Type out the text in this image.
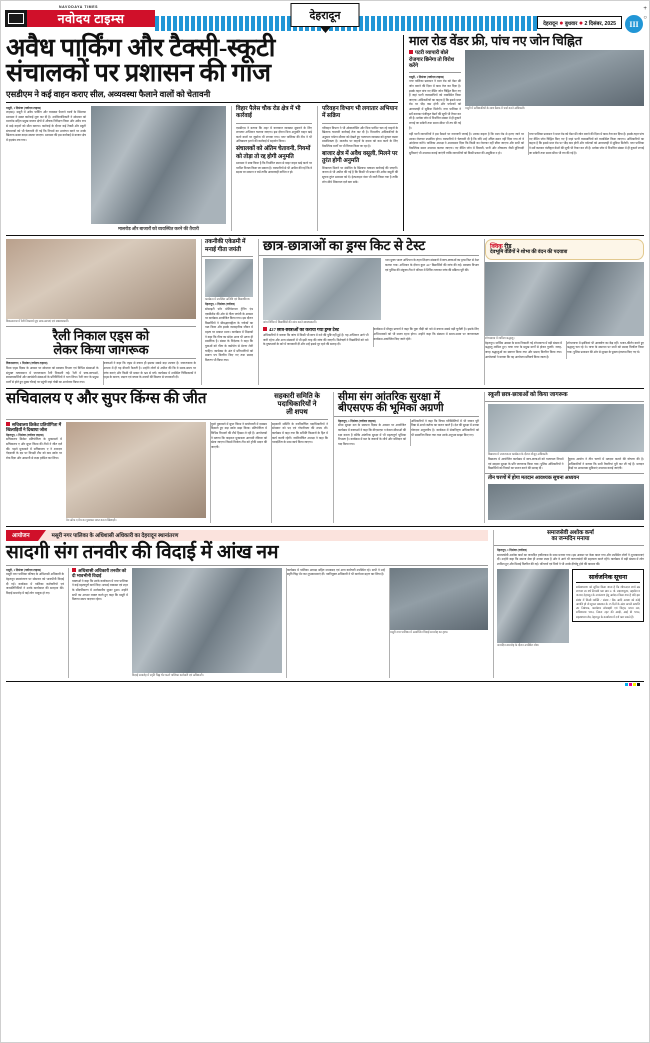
NAVODAYA TIMES
नवोदय टाइम्स	देहरादून
देहरादून ● बुधवार ● 2 दिसंबर, 2025	III
+
○
अवैध पार्किंग और टैक्सी-स्कूटी
संचालकों पर प्रशासन की गाज
एसडीएम ने कई वाहन कराए सील, अव्यवस्था फैलाने वालों को चेतावनी
मसूरी, 1 दिसंबर (नवोदय टाइम्स)
टाइम्स)। मसूरी में अवैध पार्किंग और व्यवस्था फैलाने वालों के खिलाफ प्रशासन ने सख्त कार्रवाई शुरू कर दी है। उपजिलाधिकारी ने सोमवार को मालरोड सहित प्रमुख बाजार क्षेत्रों में औचक निरीक्षण किया और अवैध रूप से खड़े वाहनों को सील कराया। कार्रवाई के दौरान कई टैक्सी और स्कूटी संचालकों को भी चेतावनी दी गई कि नियमों का उल्लंघन करने पर उनके खिलाफ सख्त कदम उठाया जाएगा। प्रशासन की इस कार्रवाई से बाजार क्षेत्र में हड़कंप मच गया।
मालरोड और बाजारों को व्यवस्थित करने की तैयारी
विहार पैलेस चौक रोड क्षेत्र में भी कार्रवाई
एसडीएम ने बताया कि शहर में यातायात व्यवस्था सुधारने के लिए लगातार अभियान चलाया जाएगा। इस दौरान बिना अनुमति वाहन खड़े करने वालों पर जुर्माना भी लगाया गया। नगर पालिका की टीम ने भी अतिक्रमण हटाने की कार्रवाई में सहयोग किया।
संचालकों को अंतिम चेतावनी, नियमों को तोड़ा तो रद्द होगी अनुमति
प्रशासन ने स्पष्ट किया है कि निर्धारित स्थान से बाहर वाहन खड़े करने पर परमिट निरस्त किया जा सकता है। व्यापारियों से भी अपील की गई कि वे सड़क पर सामान न रखें ताकि आवाजाही बाधित न हो।
परिवहन विभाग भी लगातार अभियान में सक्रिय
परिवहन विभाग ने भी ओवरलोडिंग और बिना परमिट चल रहे वाहनों के खिलाफ चालानी कार्रवाई तेज कर दी है। विभागीय अधिकारियों के अनुसार पर्यटन सीजन को देखते हुए यातायात व्यवस्था को दुरुस्त रखना प्राथमिकता है। मालरोड पर वाहनों के दबाव को कम करने के लिए वैकल्पिक मार्गों पर भी विचार किया जा रहा है।
बाजार क्षेत्र में अवैध वसूली, मिलने पर तुरंत होगी अनुमति
शिकायत मिलने पर संबंधित के खिलाफ तत्काल कार्रवाई की जाएगी। जनता से भी अपील की गई है कि किसी भी प्रकार की अवैध वसूली की सूचना तुरंत प्रशासन को दें। हेल्पलाइन नंबर भी जारी किया गया है ताकि लोग सीधे शिकायत दर्ज करा सकें।
माल रोड वेंडर फ्री, पांच नए जोन चिह्नित
पटरी व्यापारी बोले रोजगार छिनेगा तो विरोध करेंगे
मसूरी, 1 दिसंबर (नवोदय टाइम्स)
नगर पालिका प्रशासन ने माल रोड को वेंडर फ्री जोन बनाने की दिशा में काम तेज कर दिया है। इसके तहत पांच नए वेंडिंग जोन चिह्नित किए गए हैं जहां पटरी व्यवसायियों को व्यवस्थित किया जाएगा। अधिकारियों का कहना है कि इससे माल रोड पर भीड़ कम होगी और पर्यटकों को आवाजाही में सुविधा मिलेगी। नगर पालिका ने सर्वे कराकर पंजीकृत वेंडरों की सूची भी तैयार कर ली है। प्रत्येक जोन में निर्धारित संख्या में ही दुकानें लगाई जा सकेंगी तथा समय सीमा भी तय की गई है।
मसूरी में अधिकारियों के साथ बैठक में चर्चा करते अधिकारी।
वहीं पटरी व्यापारियों ने इस फैसले पर नाराजगी जताई है। उनका कहना है कि माल रोड से हटाए जाने पर उनका रोजगार प्रभावित होगा। व्यापारियों ने चेतावनी दी है कि यदि उन्हें उचित स्थान नहीं दिया गया तो वे आंदोलन करेंगे। पालिका अध्यक्ष ने आश्वासन दिया कि किसी का रोजगार नहीं छीना जाएगा और सभी को वैकल्पिक स्थान उपलब्ध कराया जाएगा। नए वेंडिंग जोन में बिजली, पानी और शौचालय जैसी बुनियादी सुविधाएं भी उपलब्ध कराई जाएंगी ताकि व्यापारियों को किसी प्रकार की असुविधा न हो।
नगर पालिका प्रशासन ने माल रोड को वेंडर फ्री जोन बनाने की दिशा में काम तेज कर दिया है। इसके तहत पांच नए वेंडिंग जोन चिह्नित किए गए हैं जहां पटरी व्यवसायियों को व्यवस्थित किया जाएगा। अधिकारियों का कहना है कि इससे माल रोड पर भीड़ कम होगी और पर्यटकों को आवाजाही में सुविधा मिलेगी। नगर पालिका ने सर्वे कराकर पंजीकृत वेंडरों की सूची भी तैयार कर ली है। प्रत्येक जोन में निर्धारित संख्या में ही दुकानें लगाई जा सकेंगी तथा समय सीमा भी तय की गई है।
विकासनगर में रैली निकालते हुए छात्र-छात्राएं एवं स्वास्थ्यकर्मी।
रैली निकाल एड्स को
लेकर किया जागरूक
विकासनगर, 1 दिसंबर (नवोदय टाइम्स)
विश्व एड्स दिवस के अवसर पर सोमवार को स्वास्थ्य विभाग एवं विभिन्न संस्थाओं के संयुक्त तत्वावधान में जागरूकता रैली निकाली गई। रैली में छात्र-छात्राओं, स्वास्थ्यकर्मियों और स्वयंसेवी संस्थाओं के प्रतिनिधियों ने भाग लिया। रैली नगर के प्रमुख मार्गों से होते हुए मुख्य चौराहे पर पहुंची जहां गोष्ठी का आयोजन किया गया।
वक्ताओं ने कहा कि एड्स से बचाव ही इसका सबसे बड़ा उपचार है। जागरूकता के अभाव में ही यह बीमारी फैलती है। उन्होंने लोगों से अपील की कि वे समय-समय पर जांच कराएं और किसी भी प्रकार के भ्रम से बचें। कार्यक्रम में उपस्थित चिकित्सकों ने एड्स के कारण, लक्षण एवं बचाव के उपायों की विस्तार से जानकारी दी।
तकनीकी एकेडमी में मनाई गीता जयंती
कार्यक्रम में उपस्थित अतिथि एवं विद्यार्थीगण।
देहरादून, 1 दिसंबर (नवोदय)
सोसाइटी फॉर मोटिवेशनल ट्रेनिंग एंड एक्सीलेंस की ओर से गीता जयंती के अवसर पर कार्यक्रम आयोजित किया गया। इस दौरान विद्यार्थियों ने श्रीमद्भगवद्गीता के श्लोकों का पाठ किया और इसके व्यावहारिक जीवन में महत्व पर प्रकाश डाला। कार्यक्रम में शिक्षकों ने कहा कि गीता का संदेश आज भी उतना ही प्रासंगिक है। संस्था के निदेशक ने कहा कि युवाओं को गीता के कर्मयोग से प्रेरणा लेनी चाहिए। कार्यक्रम के अंत में प्रतिभागियों को प्रमाण पत्र वितरित किए गए तथा प्रसाद वितरण भी किया गया।
छात्र-छात्राओं का ड्रग्स किट से टेस्ट
जांच शिविर में विद्यार्थियों की जांच करते स्वास्थ्यकर्मी।
नशा मुक्त भारत अभियान के तहत शिक्षण संस्थानों में छात्र-छात्राओं का ड्रग्स किट से टेस्ट कराया गया। अभियान के दौरान कुल 427 विद्यार्थियों की जांच की गई। स्वास्थ्य विभाग एवं पुलिस की संयुक्त टीम ने परिसर में शिविर लगाकर जांच की प्रक्रिया पूरी की।
427 छात्र-छात्राओं का कराया गया ड्रग्स टेस्ट
अधिकारियों ने बताया कि जांच में किसी भी छात्र में नशे की पुष्टि नहीं हुई है। यह अभियान आगे भी जारी रहेगा और अन्य संस्थानों में भी इसी तरह की जांच की जाएगी। विशेषज्ञों ने विद्यार्थियों को नशे के दुष्प्रभावों के बारे में जानकारी दी और उन्हें इससे दूर रहने की सलाह दी।
कार्यक्रम में मौजूद प्राचार्य ने कहा कि युवा पीढ़ी को नशे से बचाना सबसे बड़ी चुनौती है। इसके लिए अभिभावकों को भी सजग रहना होगा। उन्होंने कहा कि संस्थान में समय-समय पर जागरूकता कार्यक्रम आयोजित किए जाते रहेंगे।
क्विक रीड
देवभूमि वेंडिंगों ने शोभा की वंदन की पदयात्रा
शोभायात्रा में शामिल श्रद्धालु।
देहरादून। धार्मिक आस्था के साथ निकाली गई शोभायात्रा में बड़ी संख्या में श्रद्धालु शामिल हुए। यात्रा नगर के प्रमुख मार्गों से होकर गुजरी। जगह-जगह श्रद्धालुओं का स्वागत किया गया और प्रसाद वितरित किया गया। आयोजकों ने बताया कि यह आयोजन प्रतिवर्ष किया जाता है।
शोभायात्रा में झांकियां भी आकर्षण का केंद्र रहीं। भजन-कीर्तन करते हुए श्रद्धालु चल रहे थे। यात्रा के समापन पर सभी को प्रसाद वितरित किया गया। पुलिस प्रशासन की ओर से सुरक्षा के पुख्ता इंतजाम किए गए थे।
सचिवालय ए और सुपर किंग्स की जीत	सहकारी समिति के
पदाधिकारियों ने
ली शपथ
सचिवालय क्रिकेट प्रतियोगिता में खिलाड़ियों ने दिखाया जोश
देहरादून, 1 दिसंबर (नवोदय टाइम्स)
सचिवालय क्रिकेट प्रतियोगिता के मुकाबलों में सचिवालय ए और सुपर किंग्स की टीमों ने जीत दर्ज की। पहले मुकाबले में सचिवालय ए ने शानदार गेंदबाजी के दम पर विपक्षी टीम को कम स्कोर पर रोक दिया और आसानी से लक्ष्य हासिल कर लिया।
मैन ऑफ द मैच का पुरस्कार प्राप्त करता खिलाड़ी।
दूसरे मुकाबले में सुपर किंग्स ने बल्लेबाजी में दमखम दिखाते हुए बड़ा स्कोर खड़ा किया। प्रतियोगिता में विभिन्न विभागों की टीमें हिस्सा ले रही हैं। आयोजकों ने बताया कि फाइनल मुकाबला आगामी रविवार को खेला जाएगा जिसमें विजेता टीम को ट्रॉफी प्रदान की जाएगी।
सहकारी समिति के नवनिर्वाचित पदाधिकारियों ने सोमवार को पद एवं गोपनीयता की शपथ ली। कार्यक्रम में कहा गया कि समिति किसानों के हित में कार्य करती रहेगी। नवनिर्वाचित अध्यक्ष ने कहा कि पारदर्शिता के साथ कार्य किया जाएगा।
सीमा संग आंतरिक सुरक्षा में
बीएसएफ की भूमिका अग्रणी
देहरादून, 1 दिसंबर (नवोदय टाइम्स)
सीमा सुरक्षा बल के स्थापना दिवस के अवसर पर आयोजित कार्यक्रम में वक्ताओं ने कहा कि बीएसएफ न केवल सीमाओं की रक्षा करता है बल्कि आंतरिक सुरक्षा में भी महत्वपूर्ण भूमिका निभाता है। कार्यक्रम में बल के जवानों के शौर्य और बलिदान को याद किया गया।
अधिकारियों ने कहा कि विषम परिस्थितियों में भी जवान पूरी निष्ठा से अपने कर्तव्य का पालन करते हैं। देश की सुरक्षा में उनका योगदान अतुलनीय है। कार्यक्रम में सेवानिवृत्त अधिकारियों को भी सम्मानित किया गया तथा उनके अनुभव साझा किए गए।
स्कूली छात्र-छात्राओं को किया जागरूक
विद्यालय में जागरूकता कार्यक्रम के दौरान मौजूद अधिकारी।
विद्यालय में आयोजित कार्यक्रम में छात्र-छात्राओं को यातायात नियमों एवं साइबर सुरक्षा के प्रति जागरूक किया गया। पुलिस अधिकारियों ने विद्यार्थियों को नियमों का पालन करने की सलाह दी।
चुनाव आयोग ने तीन चरणों में मतदान कराने की घोषणा की है। अधिकारियों ने बताया कि सभी तैयारियां पूरी कर ली गई हैं। मतदान केंद्रों पर आवश्यक सुविधाएं उपलब्ध कराई जाएंगी।
तीन चरणों में होगा मतदान आवश्यक सूचना अध्ययन
आयोजन	मसूरी नगर पालिका के अधिशासी अधिकारी का देहरादून स्थानांतरण
सादगी संग तनवीर की विदाई में आंख नम
मसूरी, 1 दिसंबर (नवोदय टाइम्स)
मसूरी नगर पालिका परिषद के अधिशासी अधिकारी के देहरादून स्थानांतरण पर सोमवार को भावभीनी विदाई दी गई। कार्यक्रम में पालिका कर्मचारियों एवं जनप्रतिनिधियों ने उनके कार्यकाल की सराहना की। विदाई समारोह में कई लोग भावुक हो गए।
अधिशासी अधिकारी तनवीर को दी भावभीनी विदाई
वक्ताओं ने कहा कि उनके कार्यकाल में नगर पालिका ने कई महत्वपूर्ण कार्य किए। सफाई व्यवस्था एवं शहर के सौंदर्यीकरण में उल्लेखनीय सुधार हुआ। उन्होंने सभी का आभार व्यक्त करते हुए कहा कि मसूरी में बिताया समय यादगार रहेगा।
विदाई समारोह में स्मृति चिह्न भेंट करते पालिका कर्मचारी एवं अधिकारी।
कार्यक्रम में पालिका अध्यक्ष सहित सभाासद एवं अन्य कर्मचारी उपस्थित रहे। सभी ने उन्हें स्मृति चिह्न भेंट कर शुभकामनाएं दीं। नवनियुक्त अधिकारी ने भी कार्यभार ग्रहण कर लिया है।
मसूरी नगर पालिका में आयोजित विदाई समारोह का दृश्य।
समाजसेवी अशोक कर्मा
का जन्मदिन मनाया
देहरादून, 1 दिसंबर (नवोदय)
समाजसेवी अशोक कर्मा का जन्मदिन हर्षोल्लास के साथ मनाया गया। इस अवसर पर केक काटा गया और उपस्थित लोगों ने शुभकामनाएं दीं। उन्होंने कहा कि समाज सेवा ही उनका लक्ष्य है और वे आगे भी जरूरतमंदों की सहायता करते रहेंगे। कार्यक्रम में बड़ी संख्या में लोग शामिल हुए और मिठाई वितरित की गई। परिजनों एवं मित्रों ने भी उनके दीर्घायु होने की कामना की।
जन्मदिन समारोह के दौरान उपस्थित लोग।
सार्वजनिक सूचना
सर्वसाधारण को सूचित किया जाता है कि जीवनदत्त शर्मा उम्र लगभग 45 वर्ष निवासी पता ग्राम न. पो. लक्ष्मणपुरम, तहसील व जनपद देहरादून के नामांतरण हेतु आवेदन किया गया है यदि इस संबंध में किसी व्यक्ति / संस्था / बैंक आदि अथवा को कोई आपत्ति हो तो सूचना प्रकाशन के 15 दिनों के अंदर अपनी आपत्ति उप निबंधक, कार्यालय सोसाइटी एवं चिट्स, प्रथम तल, सचिवालय भवन, निकट नहर की आड़ी, आई डी भवन, सहस्त्रधारा रोड, देहरादून के कार्यालय में दर्ज करा सकते हैं।
